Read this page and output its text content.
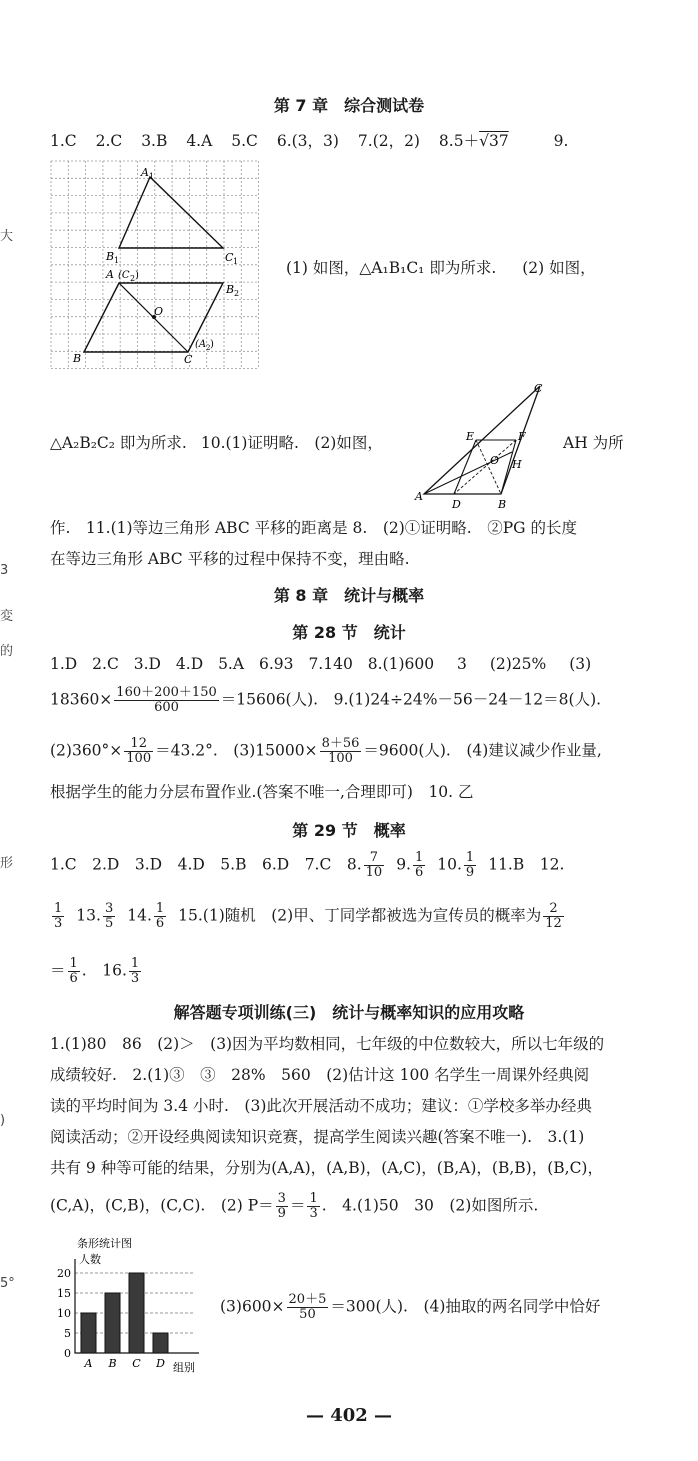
大
3
変
的
形
)
5°
第 7 章　综合测试卷
1.C 2.C 3.B 4.A 5.C 6.(3，3) 7.(2，2) 8.5＋√37	9.
A 1
B 1	C 1
A (C 2 )
B 2
O
B	C
(A 2 )
(1) 如图，△A₁B₁C₁ 即为所求. (2) 如图，
△A₂B₂C₂ 即为所求. 10.(1)证明略.　(2)如图，
C
E	F
O H
A
D	B
AH 为所
作.　11.(1)等边三角形 ABC 平移的距离是 8.　(2)①证明略.　②PG 的长度
在等边三角形 ABC 平移的过程中保持不变，理由略.
第 8 章　统计与概率
第 28 节　统计
1.D 2.C 3.D 4.D 5.A 6.93 7.140 8.(1)600 3 (2)25% (3)
$18360\times \frac{160+200+150}{600} =15606$(人).　9.(1)24÷24%－56－24－12＝8(人).
$(2)360^\circ\times \frac{12}{100} =43.2^\circ$.　$(3)15000\times \frac{8+56}{100} =9600$(人).　(4)建议减少作业量,
根据学生的能力分层布置作业.(答案不唯一,合理即可)　10. 乙
第 29 节　概率
1.C　2.D　3.D　4.D　5.B　6.D　7.C　8. $\frac{7}{10} 9$. $\frac{1}{6} 10$. $\frac{1}{9} 11.B$　12.
$\frac{1}{3} 13$. $\frac{3}{5} 14$. $\frac{1}{6} 15.(1)$随机　(2)甲、丁同学都被选为宣传员的概率为 $\frac{2}{12}$
＝ $\frac{1}{6}$ .　16. $\frac{1}{3}$
解答题专项训练(三)　统计与概率知识的应用攻略
1.(1)80　86　(2)＞　(3)因为平均数相同，七年级的中位数较大，所以七年级的
成绩较好.　2.(1)③　③　28%　560　(2)估计这 100 名学生一周课外经典阅
读的平均时间为 3.4 小时.　(3)此次开展活动不成功；建议：①学校多举办经典
阅读活动；②开设经典阅读知识竞赛，提高学生阅读兴趣(答案不唯一).　3.(1)
共有 9 种等可能的结果，分别为(A,A)，(A,B)，(A,C)，(B,A)，(B,B)，(B,C)，
(C,A)，(C,B)，(C,C).　(2) $P= \frac{3}{9} = \frac{1}{3}$ .　4.(1)50　30　(2)如图所示.
条形统计图
人数
组别
0
5
10
15
20
A B C D
$(3)600\times \frac{20+5}{50} =300$(人).　(4)抽取的两名同学中恰好
— 402 —
